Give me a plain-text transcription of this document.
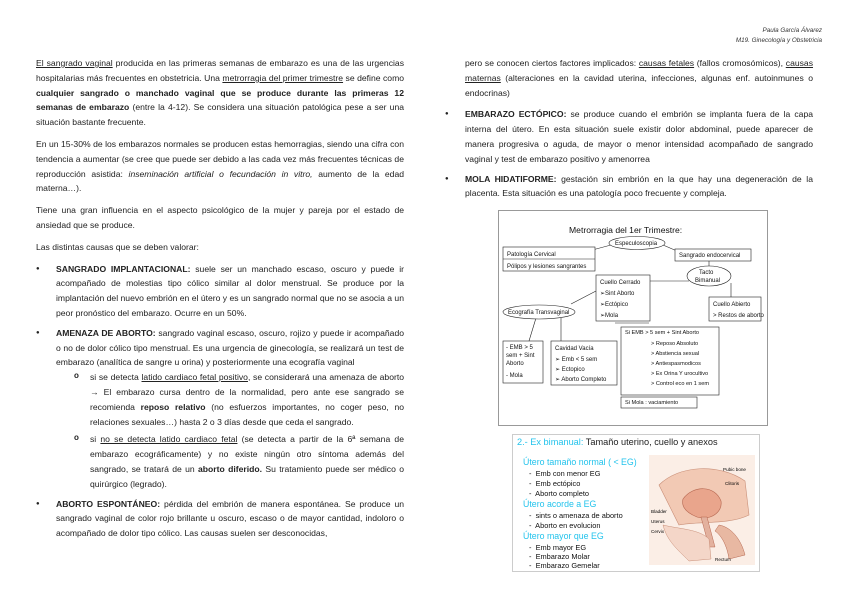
Paula García Álvarez
M19. Ginecología y Obstetricia

El sangrado vaginal producida en las primeras semanas de embarazo es una de las urgencias hospitalarias más frecuentes en obstetricia. Una metrorragia del primer trimestre se define como cualquier sangrado o manchado vaginal que se produce durante las primeras 12 semanas de embarazo (entre la 4-12). Se considera una situación patológica pese a ser una situación bastante frecuente.

En un 15-30% de los embarazos normales se producen estas hemorragias, siendo una cifra con tendencia a aumentar (se cree que puede ser debido a las cada vez más frecuentes técnicas de reproducción asistida: inseminación artificial o fecundación in vitro, aumento de la edad materna…).

Tiene una gran influencia en el aspecto psicológico de la mujer y pareja por el estado de ansiedad que se produce.

Las distintas causas que se deben valorar:

● SANGRADO IMPLANTACIONAL: suele ser un manchado escaso, oscuro y puede ir acompañado de molestias tipo cólico similar al dolor menstrual. Se produce por la implantación del nuevo embrión en el útero y es un sangrado normal que no se asocia a un peor pronóstico del embarazo. Ocurre en un 50%.
● AMENAZA DE ABORTO: sangrado vaginal escaso, oscuro, rojizo y puede ir acompañado o no de dolor cólico tipo menstrual. Es una urgencia de ginecología, se realizará un test de embarazo (analítica de sangre u orina) y posteriormente una ecografía vaginal
o si se detecta latido cardiaco fetal positivo, se considerará una amenaza de aborto → El embarazo cursa dentro de la normalidad, pero ante ese sangrado se recomienda reposo relativo (no esfuerzos importantes, no coger peso, no relaciones sexuales…) hasta 2 o 3 días desde que ceda el sangrado.
o si no se detecta latido cardiaco fetal (se detecta a partir de la 6ª semana de embarazo ecográficamente) y no existe ningún otro síntoma además del sangrado, se tratará de un aborto diferido. Su tratamiento puede ser médico o quirúrgico (legrado).
● ABORTO ESPONTÁNEO: pérdida del embrión de manera espontánea. Se produce un sangrado vaginal de color rojo brillante u oscuro, escaso o de mayor cantidad, indoloro o acompañado de dolor tipo cólico. Las causas suelen ser desconocidas,

pero se conocen ciertos factores implicados: causas fetales (fallos cromosómicos), causas maternas (alteraciones en la cavidad uterina, infecciones, algunas enf. autoinmunes o endocrinas)

● EMBARAZO ECTÓPICO: se produce cuando el embrión se implanta fuera de la capa interna del útero. En esta situación suele existir dolor abdominal, puede aparecer de manera progresiva o aguda, de mayor o menor intensidad acompañado de sangrado vaginal y test de embarazo positivo y amenorrea
● MOLA HIDATIFORME: gestación sin embrión en la que hay una degeneración de la placenta. Esta situación es una patología poco frecuente y compleja.
Metrorragia del 1er Trimestre:
Especuloscopia
Patología Cervical
Pólipos y lesiones sangrantes
Sangrado endocervical
Tacto
Bimanual
Cuello Cerrado
➢Sint Aborto
➢Ectópico
➢Mola
Cuello Abierto
> Restos de aborto
Ecografía Transvaginal
- EMB > 5
sem + Sint
Aborto
- Mola
Cavidad Vacía
➢ Emb < 5 sem
➢ Ectopico
➢ Aborto Completo
Si EMB > 5 sem + Sint Aborto
> Reposo Absoluto
> Abstiencia sexual
> Antiespasmodicos
> Ex Orina Y urocultivo
> Control eco en 1 sem
Si Mola : vaciamiento
2.- Ex bimanual: Tamaño uterino, cuello y anexos
Útero tamaño normal ( < EG)
-  Emb con menor EG
-  Emb ectópico
-  Aborto completo
Útero acorde a EG
-  sints o amenaza de aborto
-  Aborto en evolucion
Útero mayor que EG
-  Emb mayor EG
-  Embarazo Molar
-  Embarazo Gemelar
Pubic bone
Clitoris
Bladder
Uterus
Cervix
Rectum
